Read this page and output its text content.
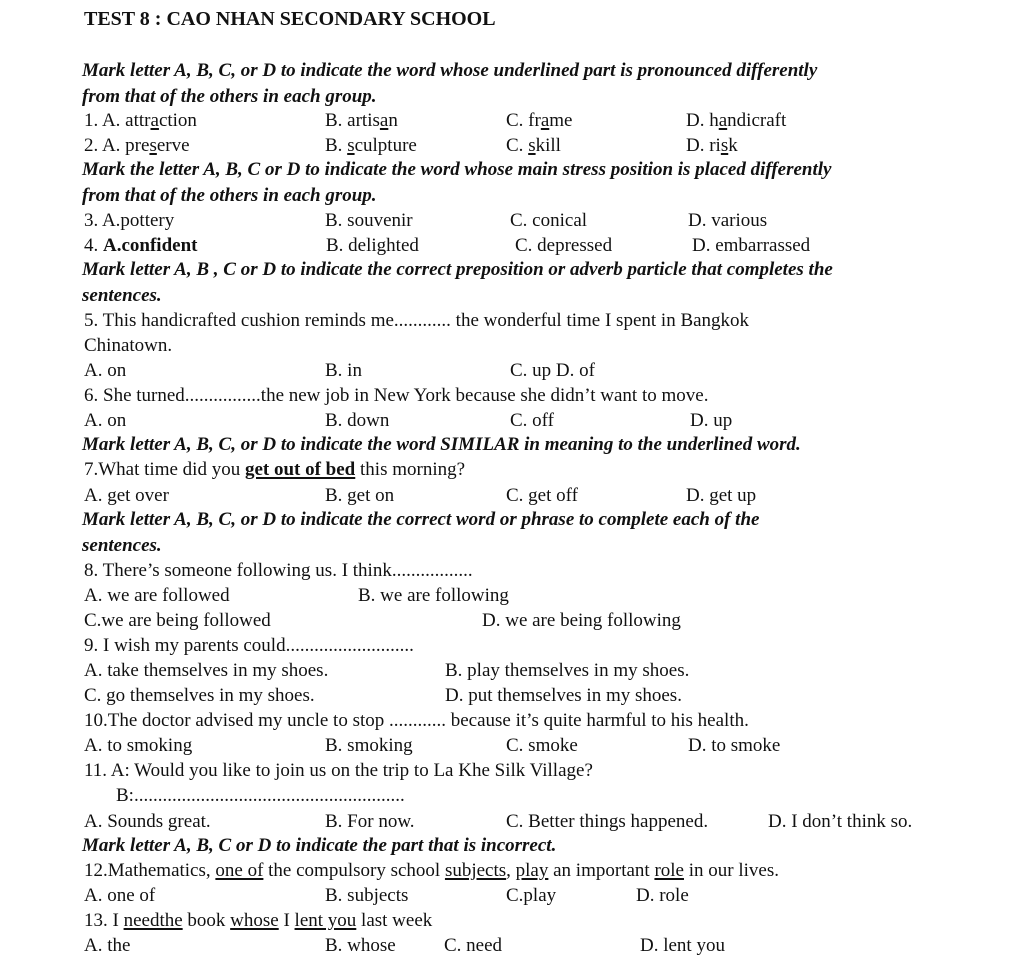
TEST 8 : CAO NHAN SECONDARY SCHOOL
Mark letter A, B, C, or D to indicate the word whose underlined part is pronounced differently
from that of the others in each group.
1. A. attraction	B. artisan	C. frame	D. handicraft
2. A. preserve	B. sculpture	C. skill	D. risk
Mark the letter A, B, C or D to indicate the word whose main stress position is placed differently
from that of the others in each group.
3. A.pottery	B. souvenir	C. conical	D. various
4. A.confident	B. delighted	C. depressed	D. embarrassed
Mark letter A, B , C or D to indicate the correct preposition or adverb particle that completes the
sentences.
5. This handicrafted cushion reminds me............ the wonderful time I spent in Bangkok
Chinatown.
A. on	B. in	C. up D. of
6. She turned................the new job in New York because she didn’t want to move.
A. on	B. down	C. off	D. up
Mark letter A, B, C, or D to indicate the word SIMILAR in meaning to the underlined word.
7.What time did you get out of bed this morning?
A. get over	B. get on	C. get off	D. get up
Mark letter A, B, C, or D to indicate the correct word or phrase to complete each of the
sentences.
8. There’s someone following us. I think.................
A. we are followed	B. we are following
C.we are being followed	D. we are being following
9. I wish my parents could...........................
A. take themselves in my shoes.	B. play themselves in my shoes.
C. go themselves in my shoes.	D. put themselves in my shoes.
10.The doctor advised my uncle to stop ............ because it’s quite harmful to his health.
A. to smoking	B. smoking	C. smoke	D. to smoke
11. A: Would you like to join us on the trip to La Khe Silk Village?
B:.........................................................
A. Sounds great.	B. For now.	C. Better things happened.	D. I don’t think so.
Mark letter A, B, C or D to indicate the part that is incorrect.
12.Mathematics, one of the compulsory school subjects, play an important role in our lives.
A. one of	B. subjects	C.play	D. role
13. I needthe book whose I lent you last week
A. the	B. whose	C. need	D. lent you
